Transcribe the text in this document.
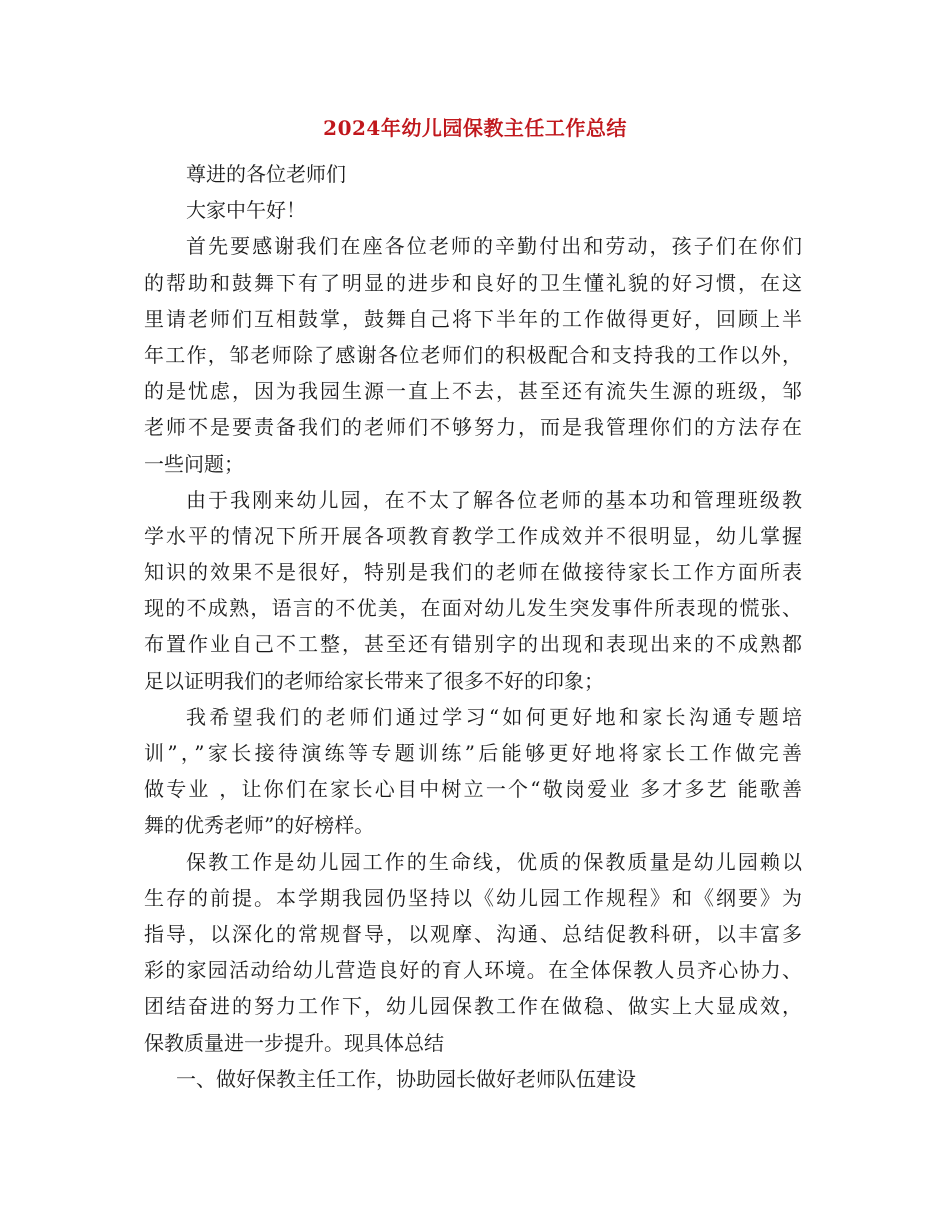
2024年幼儿园保教主任工作总结
尊进的各位老师们
大家中午好！
首先要感谢我们在座各位老师的辛勤付出和劳动，孩子们在你们
的帮助和鼓舞下有了明显的进步和良好的卫生懂礼貌的好习惯，在这
里请老师们互相鼓掌，鼓舞自己将下半年的工作做得更好，回顾上半
年工作，邹老师除了感谢各位老师们的积极配合和支持我的工作以外，
的是忧虑，因为我园生源一直上不去，甚至还有流失生源的班级，邹
老师不是要责备我们的老师们不够努力，而是我管理你们的方法存在
一些问题；
由于我刚来幼儿园，在不太了解各位老师的基本功和管理班级教
学水平的情况下所开展各项教育教学工作成效并不很明显，幼儿掌握
知识的效果不是很好，特别是我们的老师在做接待家长工作方面所表
现的不成熟，语言的不优美，在面对幼儿发生突发事件所表现的慌张、
布置作业自己不工整，甚至还有错别字的出现和表现出来的不成熟都
足以证明我们的老师给家长带来了很多不好的印象；
我希望我们的老师们通过学习“如何更好地和家长沟通专题培
训”，”家长接待演练等专题训练”后能够更好地将家长工作做完善
做专业 ，让你们在家长心目中树立一个“敬岗爱业 多才多艺 能歌善
舞的优秀老师”的好榜样。
保教工作是幼儿园工作的生命线，优质的保教质量是幼儿园赖以
生存的前提。本学期我园仍坚持以《幼儿园工作规程》和《纲要》为
指导，以深化的常规督导，以观摩、沟通、总结促教科研，以丰富多
彩的家园活动给幼儿营造良好的育人环境。在全体保教人员齐心协力、
团结奋进的努力工作下，幼儿园保教工作在做稳、做实上大显成效，
保教质量进一步提升。现具体总结
一、做好保教主任工作，协助园长做好老师队伍建设
